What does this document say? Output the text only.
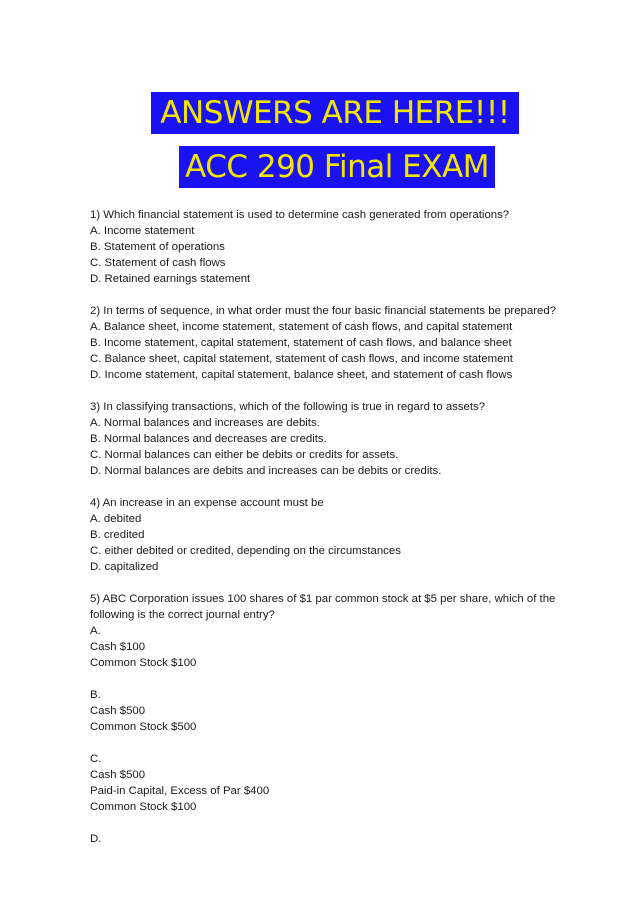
ANSWERS ARE HERE!!!
ACC 290 Final EXAM
1) Which financial statement is used to determine cash generated from operations?
A. Income statement
B. Statement of operations
C. Statement of cash flows
D. Retained earnings statement
2) In terms of sequence, in what order must the four basic financial statements be prepared?
A. Balance sheet, income statement, statement of cash flows, and capital statement
B. Income statement, capital statement, statement of cash flows, and balance sheet
C. Balance sheet, capital statement, statement of cash flows, and income statement
D. Income statement, capital statement, balance sheet, and statement of cash flows
3) In classifying transactions, which of the following is true in regard to assets?
A. Normal balances and increases are debits.
B. Normal balances and decreases are credits.
C. Normal balances can either be debits or credits for assets.
D. Normal balances are debits and increases can be debits or credits.
4) An increase in an expense account must be
A. debited
B. credited
C. either debited or credited, depending on the circumstances
D. capitalized
5) ABC Corporation issues 100 shares of $1 par common stock at $5 per share, which of the
following is the correct journal entry?
A.
Cash $100
Common Stock $100
B.
Cash $500
Common Stock $500
C.
Cash $500
Paid-in Capital, Excess of Par $400
Common Stock $100
D.
